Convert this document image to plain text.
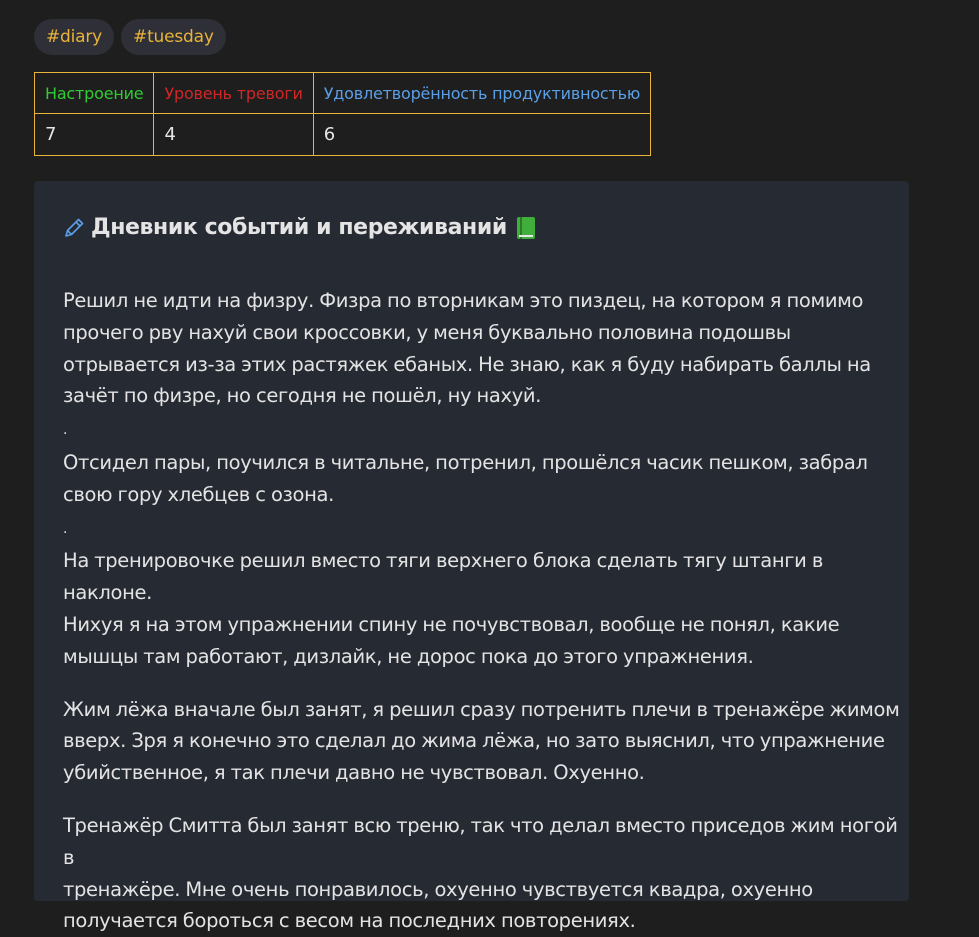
#diary	#tuesday
Настроение	Уровень тревоги	Удовлетворённость продуктивностью
7	4	6
Дневник событий и переживаний

Решил не идти на физру. Физра по вторникам это пиздец, на котором я помимо
прочего рву нахуй свои кроссовки, у меня буквально половина подошвы
отрывается из-за этих растяжек ебаных. Не знаю, как я буду набирать баллы на
зачёт по физре, но сегодня не пошёл, ну нахуй.
.
Отсидел пары, поучился в читальне, потренил, прошёлся часик пешком, забрал
свою гору хлебцев с озона.
.
На тренировочке решил вместо тяги верхнего блока сделать тягу штанги в наклоне.
Нихуя я на этом упражнении спину не почувствовал, вообще не понял, какие
мышцы там работают, дизлайк, не дорос пока до этого упражнения.

Жим лёжа вначале был занят, я решил сразу потренить плечи в тренажёре жимом
вверх. Зря я конечно это сделал до жима лёжа, но зато выяснил, что упражнение
убийственное, я так плечи давно не чувствовал. Охуенно.

Тренажёр Смитта был занят всю треню, так что делал вместо приседов жим ногой в
тренажёре. Мне очень понравилось, охуенно чувствуется квадра, охуенно
получается бороться с весом на последних повторениях.
